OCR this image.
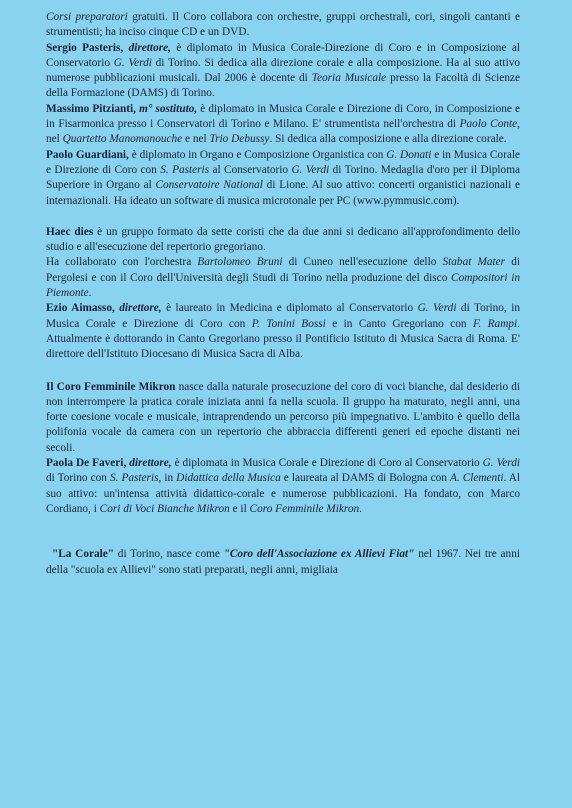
Corsi preparatori gratuiti. Il Coro collabora con orchestre, gruppi orchestrali, cori, singoli cantanti e strumentisti; ha inciso cinque CD e un DVD.

Sergio Pasteris, direttore, è diplomato in Musica Corale-Direzione di Coro e in Composizione al Conservatorio G. Verdi di Torino. Si dedica alla direzione corale e alla composizione. Ha al suo attivo numerose pubblicazioni musicali. Dal 2006 è docente di Teoria Musicale presso la Facoltà di Scienze della Formazione (DAMS) di Torino.

Massimo Pitzianti, m° sostituto, è diplomato in Musica Corale e Direzione di Coro, in Composizione e in Fisarmonica presso i Conservatori di Torino e Milano. E' strumentista nell'orchestra di Paolo Conte, nel Quartetto Manomanouche e nel Trio Debussy. Si dedica alla composizione e alla direzione corale.

Paolo Guardiani, è diplomato in Organo e Composizione Organistica con G. Donati e in Musica Corale e Direzione di Coro con S. Pasteris al Conservatorio G. Verdi di Torino. Medaglia d'oro per il Diploma Superiore in Organo al Conservatoire National di Lione. Al suo attivo: concerti organistici nazionali e internazionali. Ha ideato un software di musica microtonale per PC (www.pymmusic.com).

Haec dies è un gruppo formato da sette coristi che da due anni si dedicano all'approfondimento dello studio e all'esecuzione del repertorio gregoriano.

Ha collaborato con l'orchestra Bartolomeo Bruni di Cuneo nell'esecuzione dello Stabat Mater di Pergolesi e con il Coro dell'Università degli Studi di Torino nella produzione del disco Compositori in Piemonte.

Ezio Aimasso, direttore, è laureato in Medicina e diplomato al Conservatorio G. Verdi di Torino, in Musica Corale e Direzione di Coro con P. Tonini Bossi e in Canto Gregoriano con F. Rampi. Attualmente è dottorando in Canto Gregoriano presso il Pontificio Istituto di Musica Sacra di Roma. E' direttore dell'Istituto Diocesano di Musica Sacra di Alba.

Il Coro Femminile Mikron nasce dalla naturale prosecuzione del coro di voci bianche, dal desiderio di non interrompere la pratica corale iniziata anni fa nella scuola. Il gruppo ha maturato, negli anni, una forte coesione vocale e musicale, intraprendendo un percorso più impegnativo. L'ambito è quello della polifonia vocale da camera con un repertorio che abbraccia differenti generi ed epoche distanti nei secoli.

Paola De Faveri, direttore, è diplomata in Musica Corale e Direzione di Coro al Conservatorio G. Verdi di Torino con S. Pasteris, in Didattica della Musica e laureata al DAMS di Bologna con A. Clementi. Al suo attivo: un'intensa attività didattico-corale e numerose pubblicazioni. Ha fondato, con Marco Cordiano, i Cori di Voci Bianche Mikron e il Coro Femminile Mikron.

"La Corale" di Torino, nasce come "Coro dell'Associazione ex Allievi Fiat" nel 1967. Nei tre anni della "scuola ex Allievi" sono stati preparati, negli anni, migliaia
